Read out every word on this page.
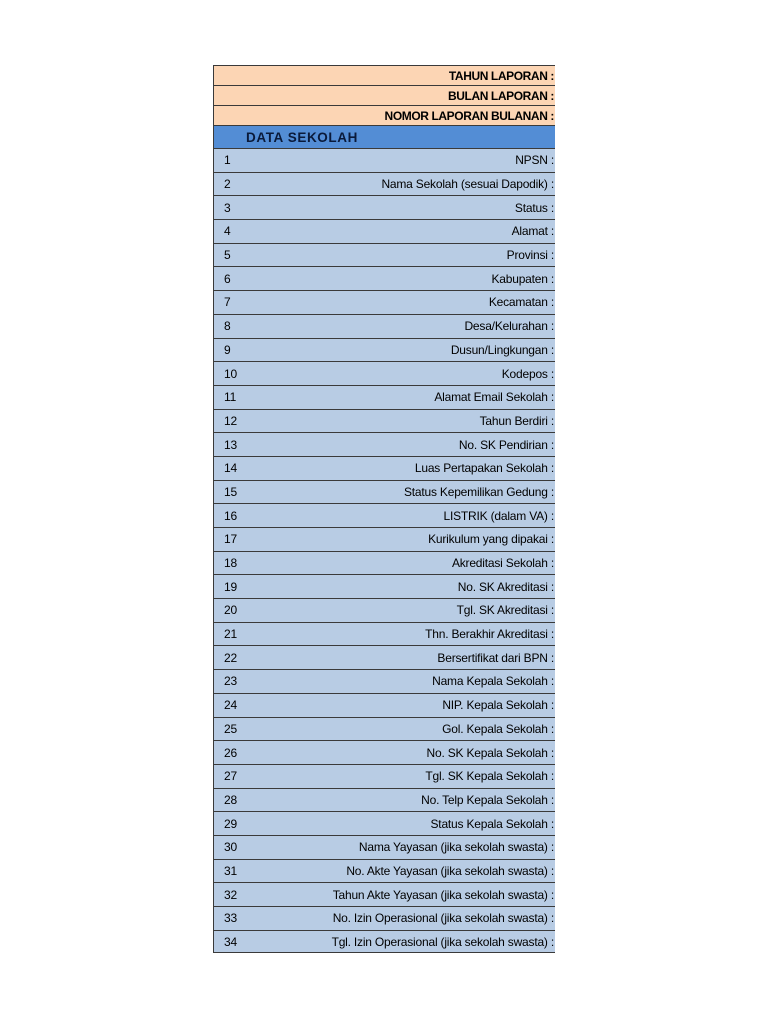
TAHUN LAPORAN :
BULAN LAPORAN :
NOMOR LAPORAN BULANAN :
DATA SEKOLAH
1	NPSN :
2	Nama Sekolah (sesuai Dapodik) :
3	Status :
4	Alamat :
5	Provinsi :
6	Kabupaten :
7	Kecamatan :
8	Desa/Kelurahan :
9	Dusun/Lingkungan :
10	Kodepos :
11	Alamat Email Sekolah :
12	Tahun Berdiri :
13	No. SK Pendirian :
14	Luas Pertapakan Sekolah :
15	Status Kepemilikan Gedung :
16	LISTRIK (dalam VA) :
17	Kurikulum yang dipakai :
18	Akreditasi Sekolah :
19	No. SK Akreditasi :
20	Tgl. SK Akreditasi :
21	Thn. Berakhir Akreditasi :
22	Bersertifikat dari BPN :
23	Nama Kepala Sekolah :
24	NIP. Kepala Sekolah :
25	Gol. Kepala Sekolah :
26	No. SK Kepala Sekolah :
27	Tgl. SK Kepala Sekolah :
28	No. Telp Kepala Sekolah :
29	Status Kepala Sekolah :
30	Nama Yayasan (jika sekolah swasta) :
31	No. Akte Yayasan (jika sekolah swasta) :
32	Tahun Akte Yayasan (jika sekolah swasta) :
33	No. Izin Operasional (jika sekolah swasta) :
34	Tgl. Izin Operasional (jika sekolah swasta) :
